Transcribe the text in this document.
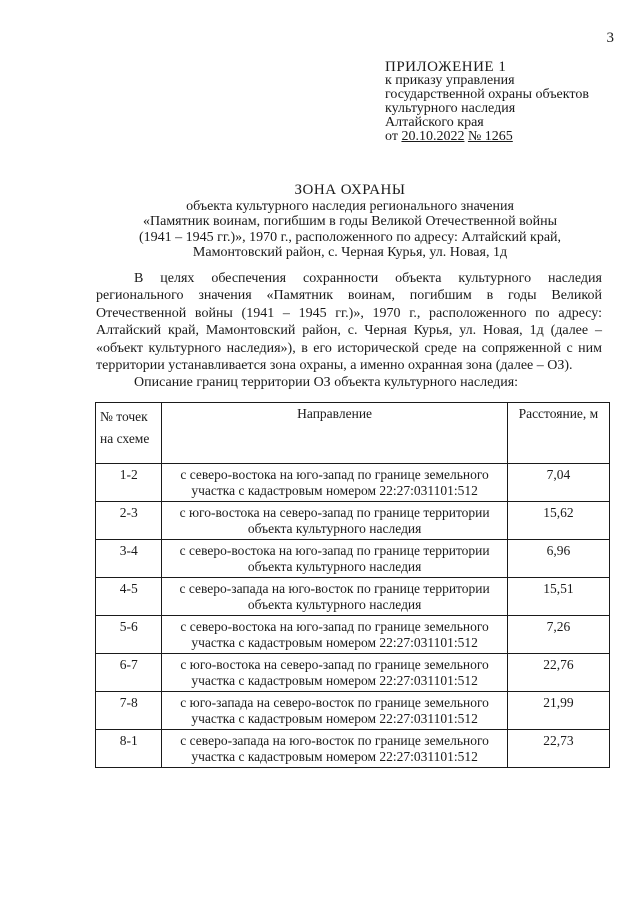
3
ПРИЛОЖЕНИЕ 1
к приказу управления
государственной охраны объектов
культурного наследия
Алтайского края
от 20.10.2022 № 1265
ЗОНА ОХРАНЫ
объекта культурного наследия регионального значения
«Памятник воинам, погибшим в годы Великой Отечественной войны
(1941 – 1945 гг.)», 1970 г., расположенного по адресу: Алтайский край,
Мамонтовский район, с. Черная Курья, ул. Новая, 1д

В целях обеспечения сохранности объекта культурного наследия регионального значения «Памятник воинам, погибшим в годы Великой Отечественной войны (1941 – 1945 гг.)», 1970 г., расположенного по адресу: Алтайский край, Мамонтовский район, с. Черная Курья, ул. Новая, 1д (далее – «объект культурного наследия»), в его исторической среде на сопряженной с ним территории устанавливается зона охраны, а именно охранная зона (далее – ОЗ).

Описание границ территории ОЗ объекта культурного наследия:

№ точек на схеме	Направление	Расстояние, м
1-2	с северо-востока на юго-запад по границе земельного участка с кадастровым номером 22:27:031101:512	7,04
2-3	с юго-востока на северо-запад по границе территории объекта культурного наследия	15,62
3-4	с северо-востока на юго-запад по границе территории объекта культурного наследия	6,96
4-5	с северо-запада на юго-восток по границе территории объекта культурного наследия	15,51
5-6	с северо-востока на юго-запад по границе земельного участка с кадастровым номером 22:27:031101:512	7,26
6-7	с юго-востока на северо-запад по границе земельного участка с кадастровым номером 22:27:031101:512	22,76
7-8	с юго-запада на северо-восток по границе земельного участка с кадастровым номером 22:27:031101:512	21,99
8-1	с северо-запада на юго-восток по границе земельного участка с кадастровым номером 22:27:031101:512	22,73
